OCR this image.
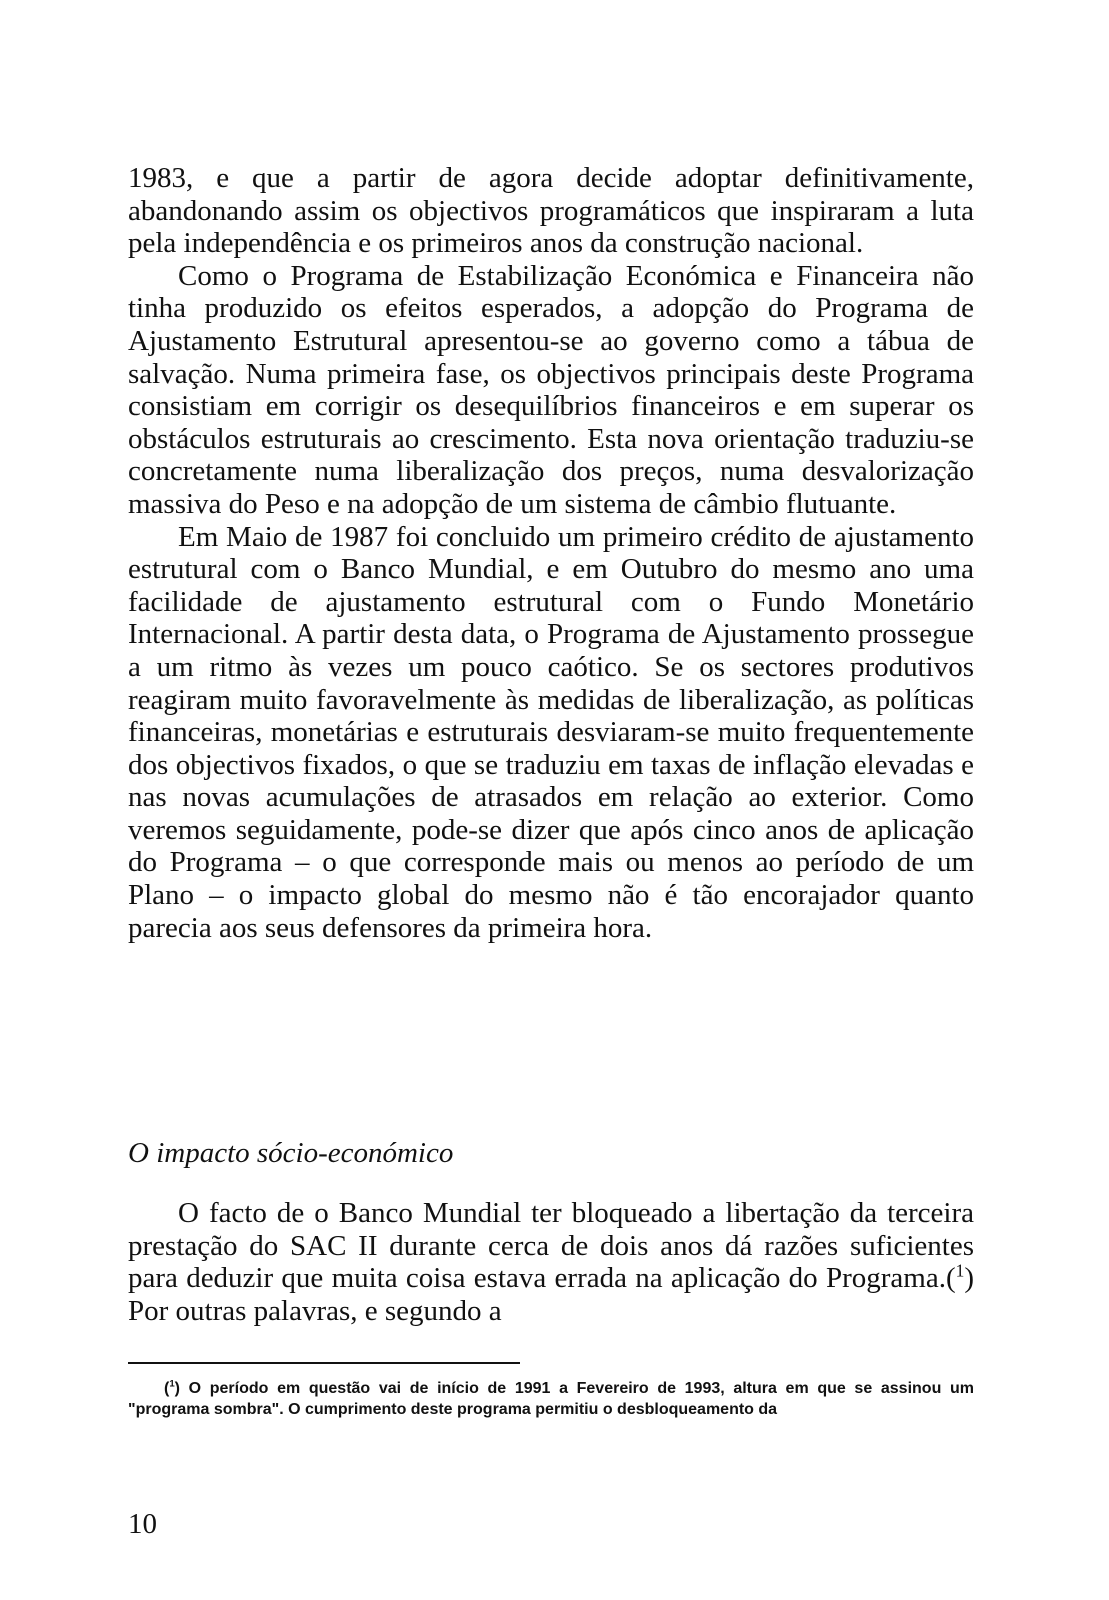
1983, e que a partir de agora decide adoptar definitivamente, abandonando assim os objectivos programáticos que inspiraram a luta pela independência e os primeiros anos da construção nacional.

Como o Programa de Estabilização Económica e Financeira não tinha produzido os efeitos esperados, a adopção do Programa de Ajustamento Estrutural apresentou-se ao governo como a tábua de salvação. Numa primeira fase, os objectivos principais deste Programa consistiam em corrigir os desequilíbrios financeiros e em superar os obstáculos estruturais ao crescimento. Esta nova orientação traduziu-se concretamente numa liberalização dos preços, numa desvalorização massiva do Peso e na adopção de um sistema de câmbio flutuante.

Em Maio de 1987 foi concluido um primeiro crédito de ajustamento estrutural com o Banco Mundial, e em Outubro do mesmo ano uma facilidade de ajustamento estrutural com o Fundo Monetário Internacional. A partir desta data, o Programa de Ajustamento prossegue a um ritmo às vezes um pouco caótico. Se os sectores produtivos reagiram muito favoravelmente às medidas de liberalização, as políticas financeiras, monetárias e estruturais desviaram-se muito frequentemente dos objectivos fixados, o que se traduziu em taxas de inflação elevadas e nas novas acumulações de atrasados em relação ao exterior. Como veremos seguidamente, pode-se dizer que após cinco anos de aplicação do Programa – o que corresponde mais ou menos ao período de um Plano – o impacto global do mesmo não é tão encorajador quanto parecia aos seus defensores da primeira hora.

O impacto sócio-económico

O facto de o Banco Mundial ter bloqueado a libertação da terceira prestação do SAC II durante cerca de dois anos dá razões suficientes para deduzir que muita coisa estava errada na aplicação do Programa.($^1$) Por outras palavras, e segundo a

($^1$) O período em questão vai de início de 1991 a Fevereiro de 1993, altura em que se assinou um "programa sombra". O cumprimento deste programa permitiu o desbloqueamento da
10
